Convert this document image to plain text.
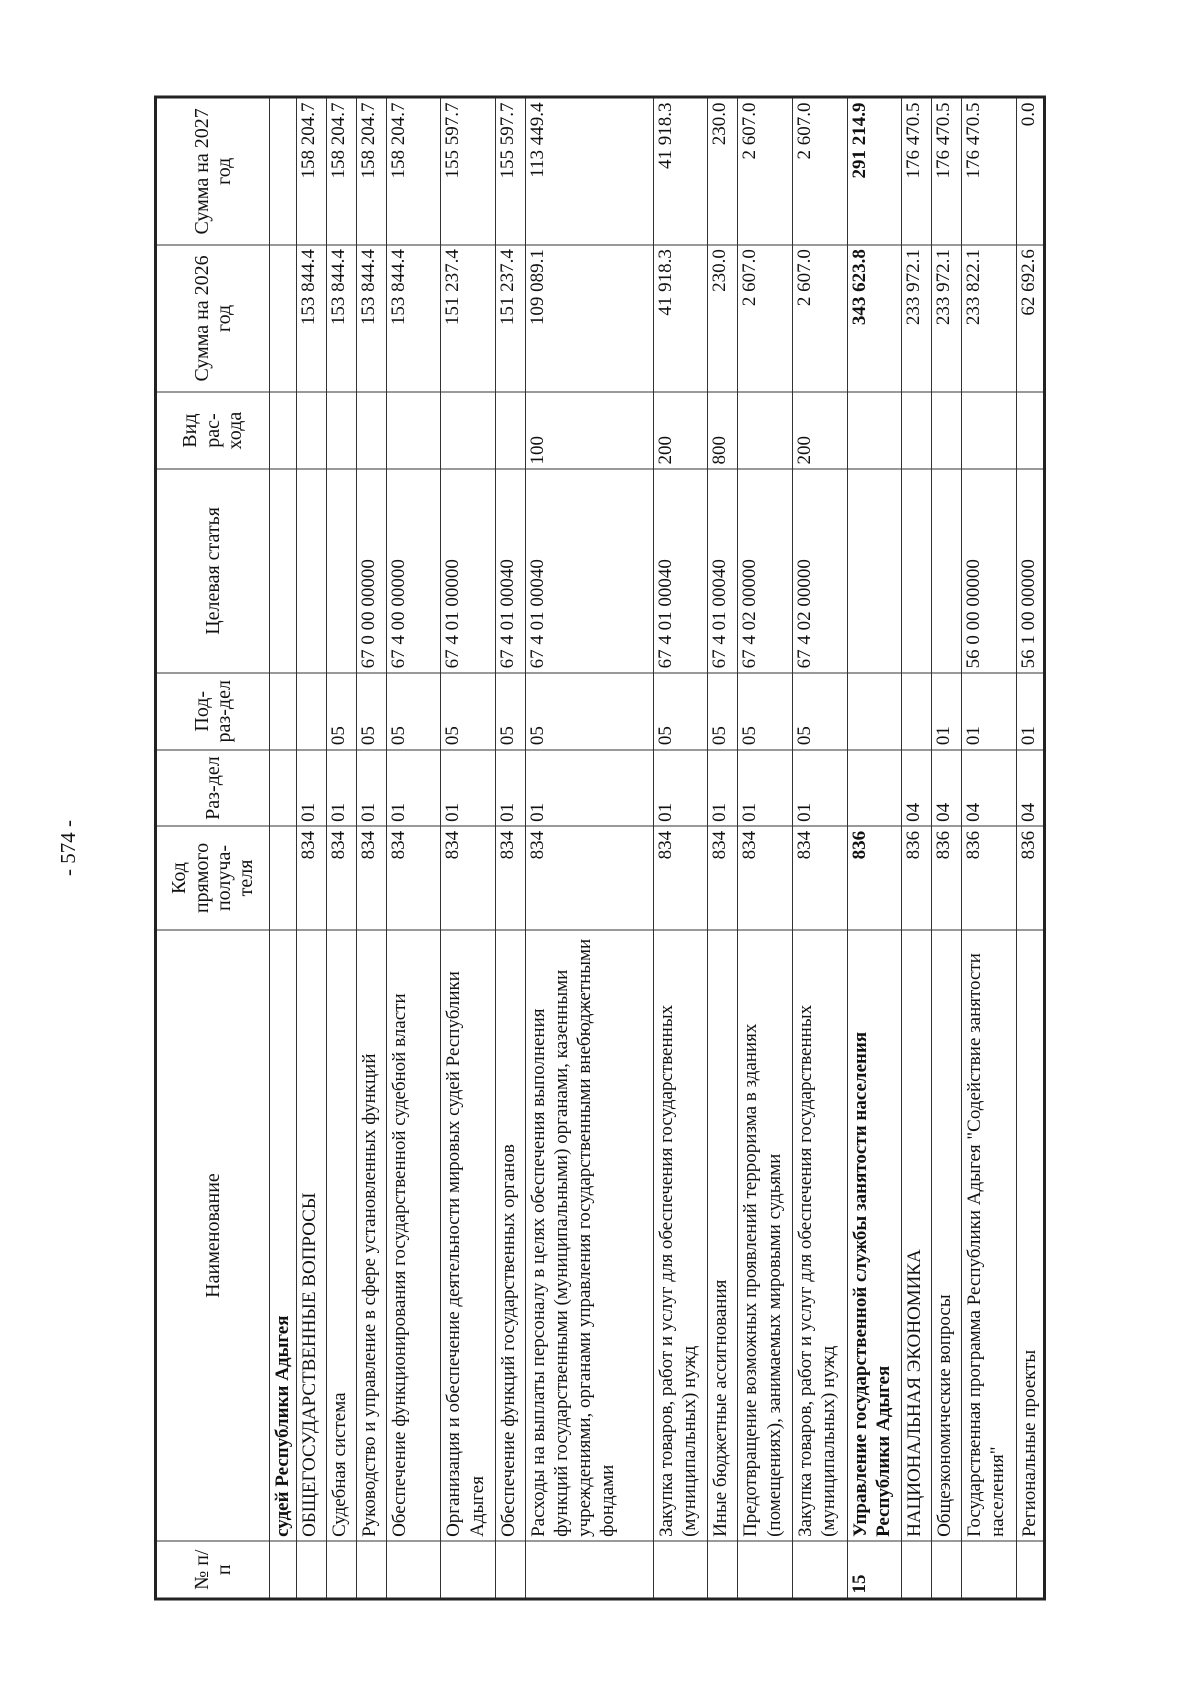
- 574 -
№ п/п	Наименование	Код прямого получа-теля	Раз-дел	Под-раз-дел	Целевая статья	Вид рас-хода	Сумма на 2026 год	Сумма на 2027 год
	судей Республики Адыгея							
	ОБЩЕГОСУДАРСТВЕННЫЕ ВОПРОСЫ	834	01				153 844.4	158 204.7
	Судебная система	834	01	05			153 844.4	158 204.7
	Руководство и управление в сфере установленных функций	834	01	05	67 0 00 00000		153 844.4	158 204.7
	Обеспечение функционирования государственной судебной власти	834	01	05	67 4 00 00000		153 844.4	158 204.7
	Организация и обеспечение деятельности мировых судей Республики Адыгея	834	01	05	67 4 01 00000		151 237.4	155 597.7
	Обеспечение функций государственных органов	834	01	05	67 4 01 00040		151 237.4	155 597.7
	Расходы на выплаты персоналу в целях обеспечения выполнения функций государственными (муниципальными) органами, казенными учреждениями, органами управления государственными внебюджетными фондами	834	01	05	67 4 01 00040	100	109 089.1	113 449.4
	Закупка товаров, работ и услуг для обеспечения государственных (муниципальных) нужд	834	01	05	67 4 01 00040	200	41 918.3	41 918.3
	Иные бюджетные ассигнования	834	01	05	67 4 01 00040	800	230.0	230.0
	Предотвращение возможных проявлений терроризма в зданиях (помещениях), занимаемых мировыми судьями	834	01	05	67 4 02 00000		2 607.0	2 607.0
	Закупка товаров, работ и услуг для обеспечения государственных (муниципальных) нужд	834	01	05	67 4 02 00000	200	2 607.0	2 607.0
15	Управление государственной службы занятости населения Республики Адыгея	836					343 623.8	291 214.9
	НАЦИОНАЛЬНАЯ ЭКОНОМИКА	836	04				233 972.1	176 470.5
	Общеэкономические вопросы	836	04	01			233 972.1	176 470.5
	Государственная программа Республики Адыгея "Содействие занятости населения"	836	04	01	56 0 00 00000		233 822.1	176 470.5
	Региональные проекты	836	04	01	56 1 00 00000		62 692.6	0.0
